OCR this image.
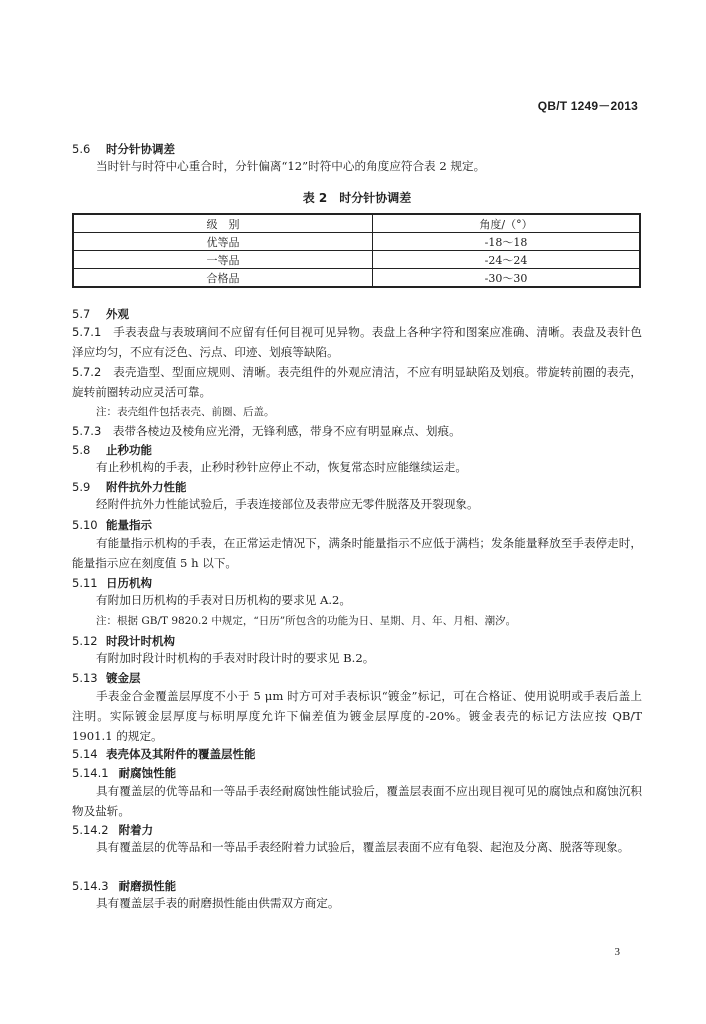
QB/T 1249－2013
5.6 时分针协调差
当时针与时符中心重合时，分针偏离“12”时符中心的角度应符合表 2 规定。
表 2　时分针协调差
级　别	角度/（°）
优等品	-18～18
一等品	-24～24
合格品	-30～30
5.7 外观
5.7.1　 手表表盘与表玻璃间不应留有任何目视可见异物。表盘上各种字符和图案应准确、清晰。表盘及表针色泽应均匀，不应有泛色、污点、印迹、划痕等缺陷。
5.7.2　 表壳造型、型面应规则、清晰。表壳组件的外观应清洁，不应有明显缺陷及划痕。带旋转前圈的表壳，旋转前圈转动应灵活可靠。
注：表壳组件包括表壳、前圈、后盖。
5.7.3　 表带各棱边及棱角应光滑，无锋利感，带身不应有明显麻点、划痕。
5.8 止秒功能
有止秒机构的手表，止秒时秒针应停止不动，恢复常态时应能继续运走。
5.9 附件抗外力性能
经附件抗外力性能试验后，手表连接部位及表带应无零件脱落及开裂现象。
5.10 能量指示
有能量指示机构的手表，在正常运走情况下，满条时能量指示不应低于满档；发条能量释放至手表停走时，能量指示应在刻度值 5 h 以下。
5.11 日历机构
有附加日历机构的手表对日历机构的要求见 A.2。
注：根据 GB/T 9820.2 中规定，“日历”所包含的功能为日、星期、月、年、月相、潮汐。
5.12 时段计时机构
有附加时段计时机构的手表对时段计时的要求见 B.2。
5.13 镀金层
手表金合金覆盖层厚度不小于 5 μm 时方可对手表标识“镀金”标记，可在合格证、使用说明或手表后盖上注明。实际镀金层厚度与标明厚度允许下偏差值为镀金层厚度的-20%。镀金表壳的标记方法应按 QB/T 1901.1 的规定。
5.14 表壳体及其附件的覆盖层性能
5.14.1 耐腐蚀性能
具有覆盖层的优等品和一等品手表经耐腐蚀性能试验后，覆盖层表面不应出现目视可见的腐蚀点和腐蚀沉积物及盐斩。
5.14.2 附着力
具有覆盖层的优等品和一等品手表经附着力试验后，覆盖层表面不应有龟裂、起泡及分离、脱落等现象。
5.14.3 耐磨损性能
具有覆盖层手表的耐磨损性能由供需双方商定。
3
